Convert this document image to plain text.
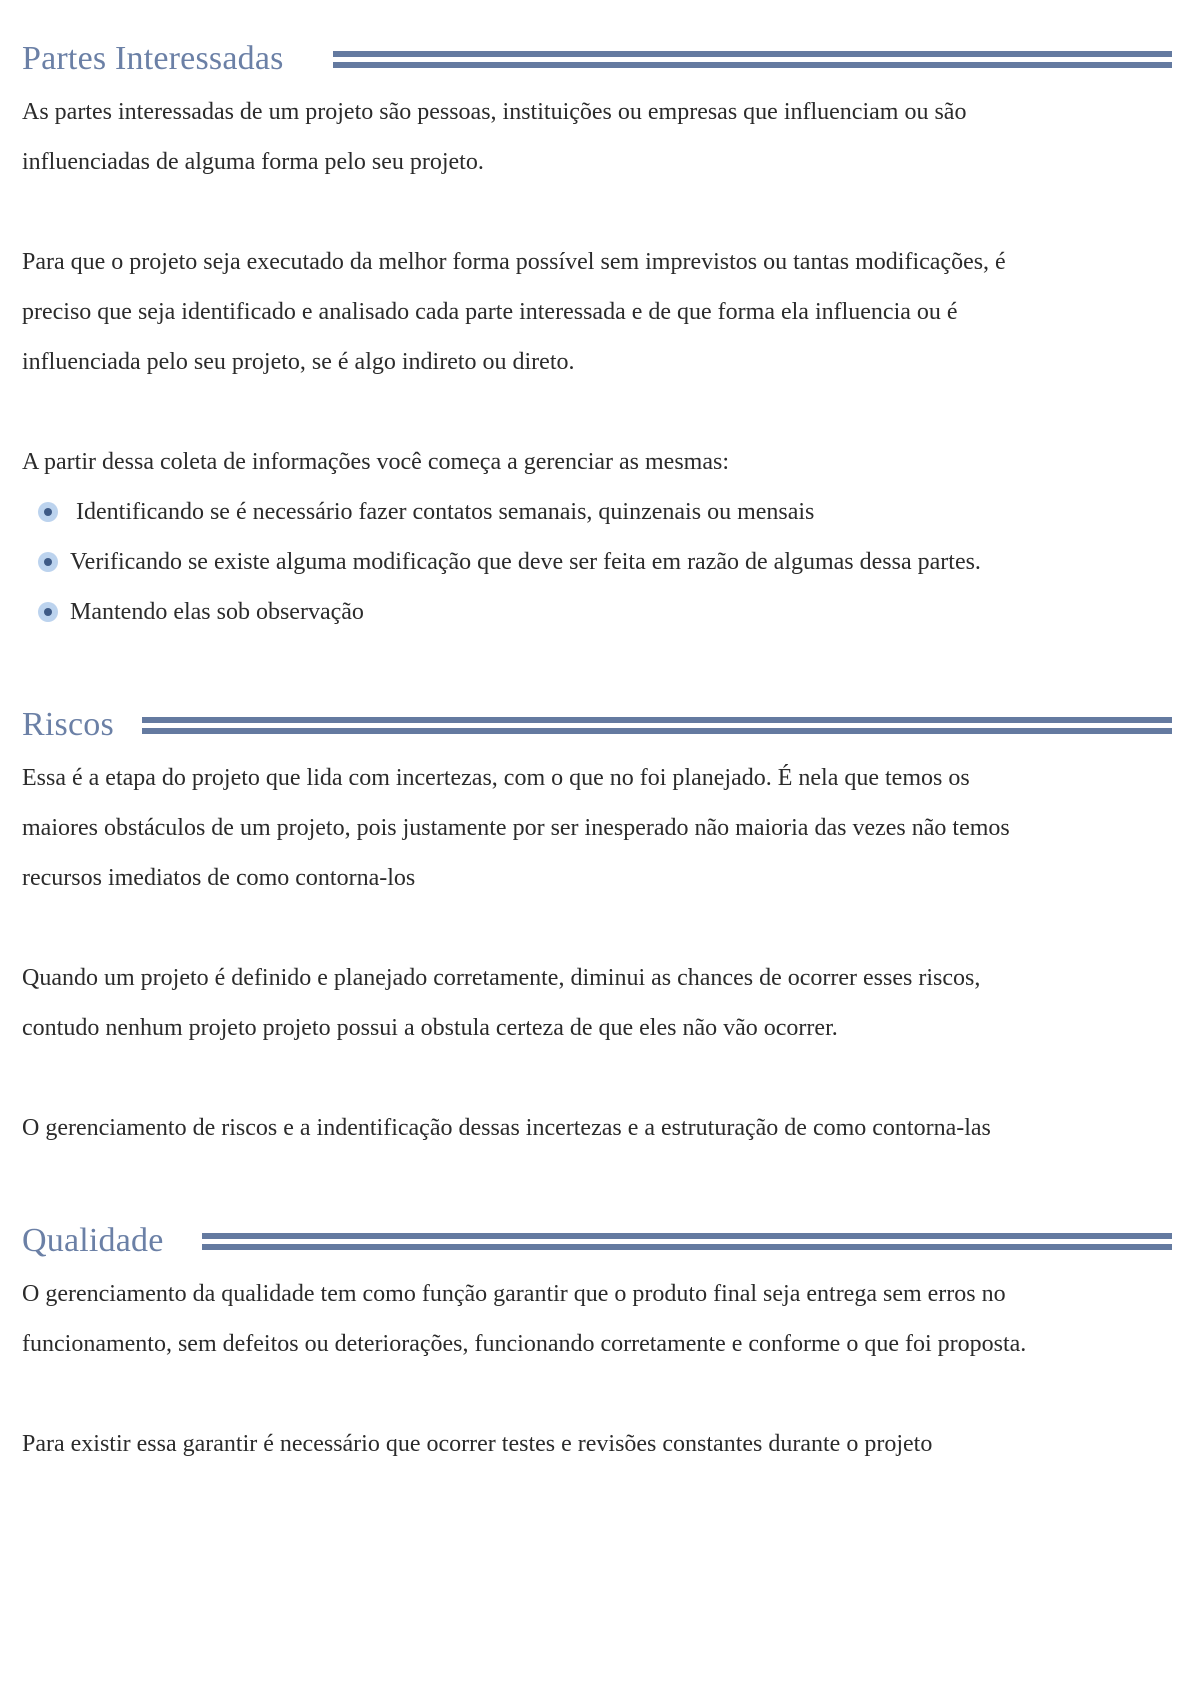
Partes Interessadas

As partes interessadas de um projeto são pessoas, instituições ou empresas que influenciam ou são

influenciadas de alguma forma pelo seu projeto.

Para que o projeto seja executado da melhor forma possível sem imprevistos ou tantas modificações, é

preciso que seja identificado e analisado cada parte interessada e de que forma ela influencia ou é

influenciada pelo seu projeto, se é algo indireto ou direto.

A partir dessa coleta de informações você começa a gerenciar as mesmas:

Identificando se é necessário fazer contatos semanais, quinzenais ou mensais
Verificando se existe alguma modificação que deve ser feita em razão de algumas dessa partes.
Mantendo elas sob observação
Riscos

Essa é a etapa do projeto que lida com incertezas, com o que no foi planejado. É nela que temos os

maiores obstáculos de um projeto, pois justamente por ser inesperado não maioria das vezes não temos

recursos imediatos de como contorna-los

Quando um projeto é definido e planejado corretamente, diminui as chances de ocorrer esses riscos,

contudo nenhum projeto projeto possui a obstula certeza de que eles não vão ocorrer.

O gerenciamento de riscos e a indentificação dessas incertezas e a estruturação de como contorna-las

Qualidade

O gerenciamento da qualidade tem como função garantir que o produto final seja entrega sem erros no

funcionamento, sem defeitos ou deteriorações, funcionando corretamente e conforme o que foi proposta.

Para existir essa garantir é necessário que ocorrer testes e revisões constantes durante o projeto
